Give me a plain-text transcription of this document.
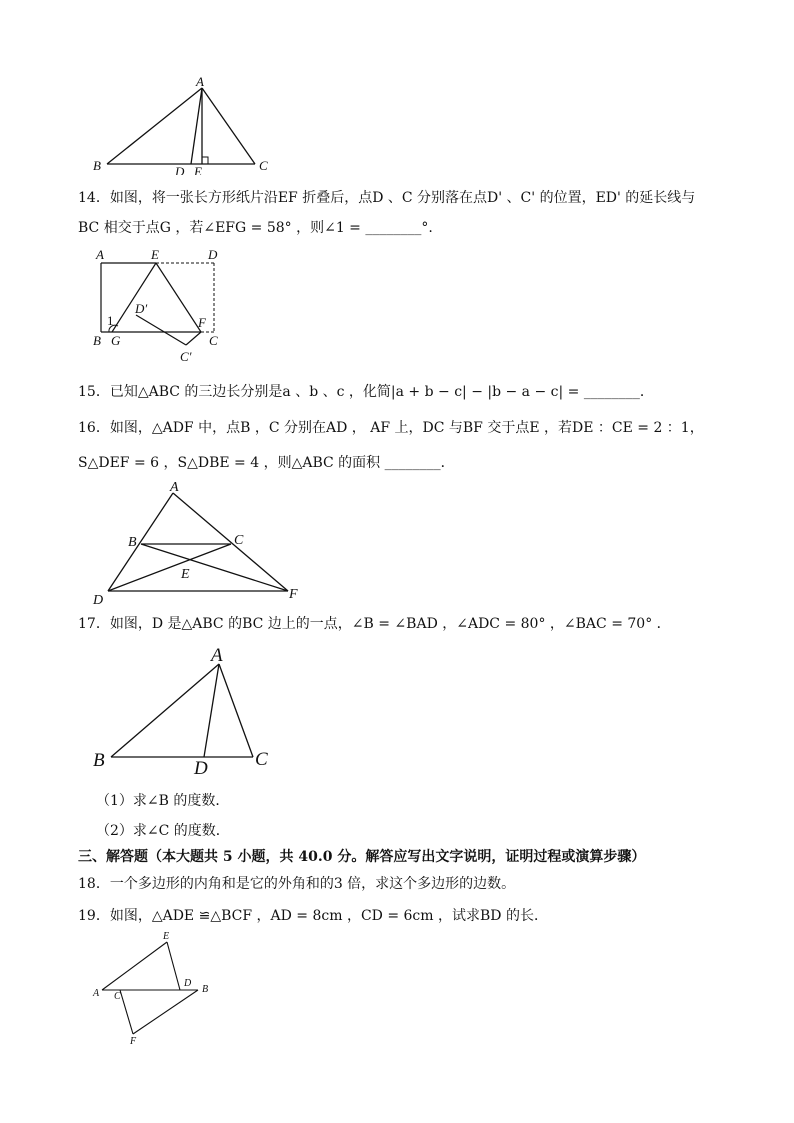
A
B	D E	C
14．如图，将一张长方形纸片沿EF 折叠后，点D 、C 分别落在点D' 、C' 的位置，ED' 的延长线与
BC 相交于点G ，若∠EFG = 58° ，则∠1 = ________°.
A	E	D
D′
1	F
B G	C
C′
15．已知△ABC 的三边长分别是a 、b 、c ，化简|a + b − c| − |b − a − c| = ________．
16．如图，△ADF 中，点B ，C 分别在AD ， AF 上，DC 与BF 交于点E ，若DE ：CE = 2 ：1，
S△DEF = 6 ，S△DBE = 4 ，则△ABC 的面积 ________．
A
B	C
E
D	F
17．如图，D 是△ABC 的BC 边上的一点，∠B = ∠BAD ，∠ADC = 80° ，∠BAC = 70° ．
A
B	D C
（1）求∠B 的度数．
（2）求∠C 的度数．
三、解答题（本大题共 5 小题，共 40.0 分。解答应写出文字说明，证明过程或演算步骤）
18．一个多边形的内角和是它的外角和的3 倍，求这个多边形的边数。
19．如图，△ADE ≌△BCF ，AD = 8cm ，CD = 6cm ，试求BD 的长．
E
A C
D
B
F
